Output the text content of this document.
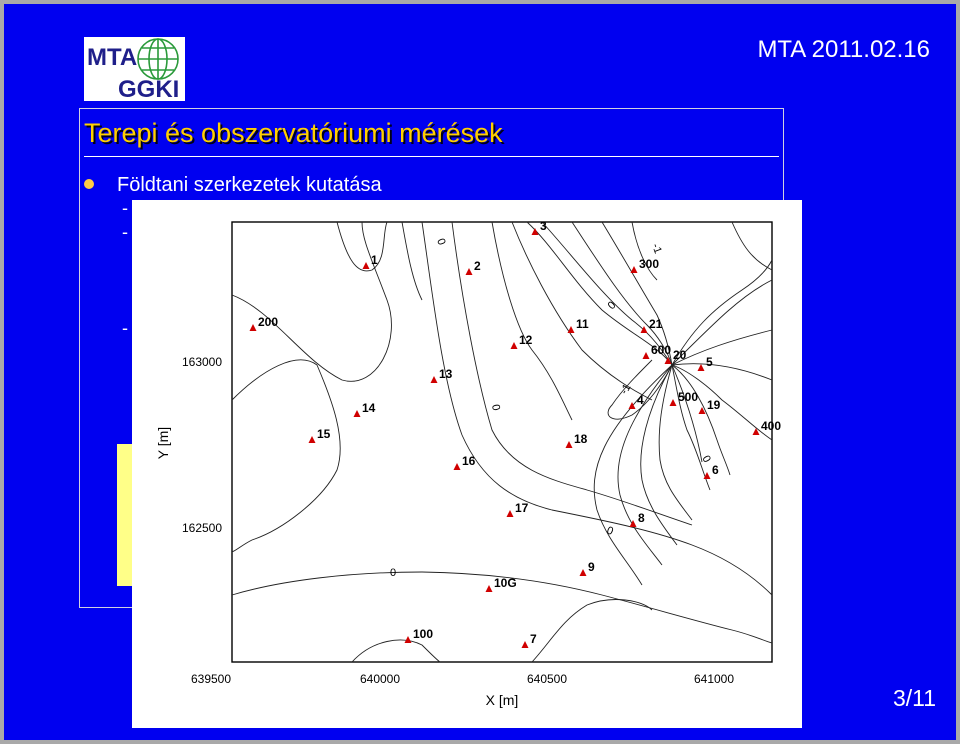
MTA
GGKI
MTA 2011.02.16
Terepi és obszervatóriumi mérések
Földtani szerkezetek kutatása
-
-
-
0
-1
0
0
-1
0
0
0
1	2
3
300
200	11	21
12
600 20 5
13
4	500
19
400
14
15	18
16
6
17
8
9
10G
100	7
639500	640000	640500	641000
163000
162500
X [m]
Y [m]
3/11
